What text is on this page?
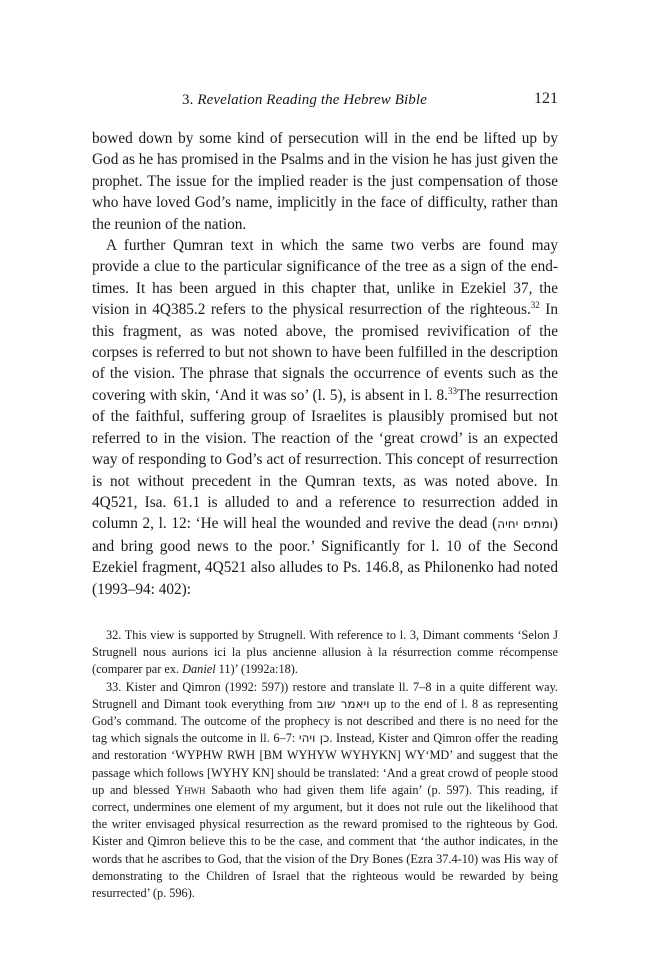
3. Revelation Reading the Hebrew Bible	121

bowed down by some kind of persecution will in the end be lifted up by God as he has promised in the Psalms and in the vision he has just given the prophet. The issue for the implied reader is the just compensation of those who have loved God’s name, implicitly in the face of difficulty, rather than the reunion of the nation.

A further Qumran text in which the same two verbs are found may provide a clue to the particular significance of the tree as a sign of the end-times. It has been argued in this chapter that, unlike in Ezekiel 37, the vision in 4Q385.2 refers to the physical resurrection of the righteous.$^{32}$ In this fragment, as was noted above, the promised revivification of the corpses is referred to but not shown to have been fulfilled in the description of the vision. The phrase that signals the occurrence of events such as the covering with skin, ‘And it was so’ (l. 5), is absent in l. 8.33The resurrection of the faithful, suffering group of Israelites is plausibly promised but not referred to in the vision. The reaction of the ‘great crowd’ is an expected way of responding to God’s act of resurrection. This concept of resurrection is not without precedent in the Qumran texts, as was noted above. In 4Q521, Isa. 61.1 is alluded to and a reference to resurrection added in column 2, l. 12: ‘He will heal the wounded and revive the dead (ומתים יחיה) and bring good news to the poor.’ Significantly for l. 10 of the Second Ezekiel fragment, 4Q521 also alludes to Ps. 146.8, as Philonenko had noted (1993–94: 402):

32. This view is supported by Strugnell. With reference to l. 3, Dimant comments ‘Selon J Strugnell nous aurions ici la plus ancienne allusion à la résurrection comme récompense (comparer par ex. Daniel 11)’ (1992a:18).

33. Kister and Qimron (1992: 597)) restore and translate ll. 7–8 in a quite different way. Strugnell and Dimant took everything from ויאמר שוב up to the end of l. 8 as representing God’s command. The outcome of the prophecy is not described and there is no need for the tag which signals the outcome in ll. 6–7: כן ויהי. Instead, Kister and Qimron offer the reading and restoration ‘WYPHW RWH [BM WYHYW WYHYKN] WY‘MD’ and suggest that the passage which follows [WYHY KN] should be translated: ‘And a great crowd of people stood up and blessed Yhwh Sabaoth who had given them life again’ (p. 597). This reading, if correct, undermines one element of my argument, but it does not rule out the likelihood that the writer envisaged physical resurrection as the reward promised to the righteous by God. Kister and Qimron believe this to be the case, and comment that ‘the author indicates, in the words that he ascribes to God, that the vision of the Dry Bones (Ezra 37.4-10) was His way of demonstrating to the Children of Israel that the righteous would be rewarded by being resurrected’ (p. 596).
